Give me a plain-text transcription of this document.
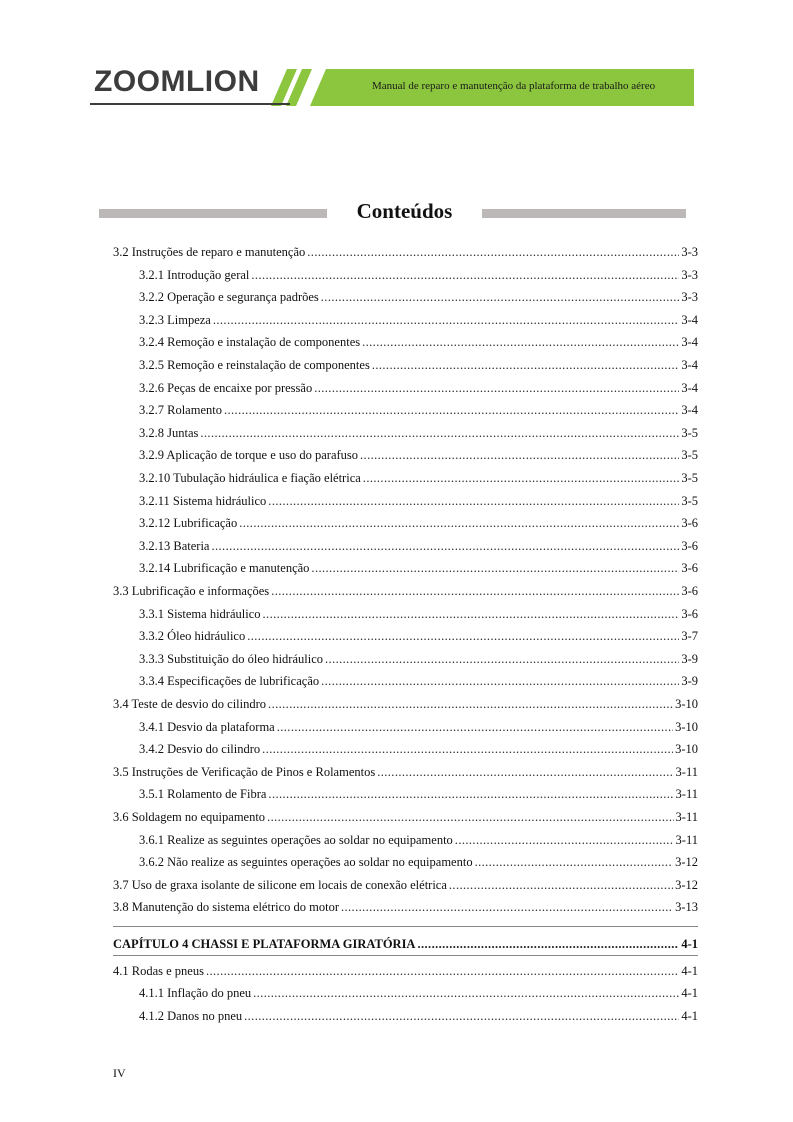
ZOOMLION	Manual de reparo e manutenção da plataforma de trabalho aéreo
Conteúdos
3.2 Instruções de reparo e manutenção .....	3-3
3.2.1 Introdução geral .....	3-3
3.2.2 Operação e segurança padrões .....	3-3
3.2.3 Limpeza .....	3-4
3.2.4 Remoção e instalação de componentes .....	3-4
3.2.5 Remoção e reinstalação de componentes .....	3-4
3.2.6 Peças de encaixe por pressão .....	3-4
3.2.7 Rolamento .....	3-4
3.2.8 Juntas .....	3-5
3.2.9 Aplicação de torque e uso do parafuso .....	3-5
3.2.10 Tubulação hidráulica e fiação elétrica .....	3-5
3.2.11 Sistema hidráulico .....	3-5
3.2.12 Lubrificação .....	3-6
3.2.13 Bateria .....	3-6
3.2.14 Lubrificação e manutenção .....	3-6
3.3 Lubrificação e informações .....	3-6
3.3.1 Sistema hidráulico .....	3-6
3.3.2 Óleo hidráulico .....	3-7
3.3.3 Substituição do óleo hidráulico .....	3-9
3.3.4 Especificações de lubrificação .....	3-9
3.4 Teste de desvio do cilindro .....	3-10
3.4.1 Desvio da plataforma .....	3-10
3.4.2 Desvio do cilindro .....	3-10
3.5 Instruções de Verificação de Pinos e Rolamentos .....	3-11
3.5.1 Rolamento de Fibra .....	3-11
3.6 Soldagem no equipamento .....	3-11
3.6.1 Realize as seguintes operações ao soldar no equipamento .....	3-11
3.6.2 Não realize as seguintes operações ao soldar no equipamento .....	3-12
3.7 Uso de graxa isolante de silicone em locais de conexão elétrica .....	3-12
3.8 Manutenção do sistema elétrico do motor .....	3-13
CAPÍTULO 4 CHASSI E PLATAFORMA GIRATÓRIA .....	4-1
4.1 Rodas e pneus .....	4-1
4.1.1 Inflação do pneu .....	4-1
4.1.2 Danos no pneu .....	4-1
IV
